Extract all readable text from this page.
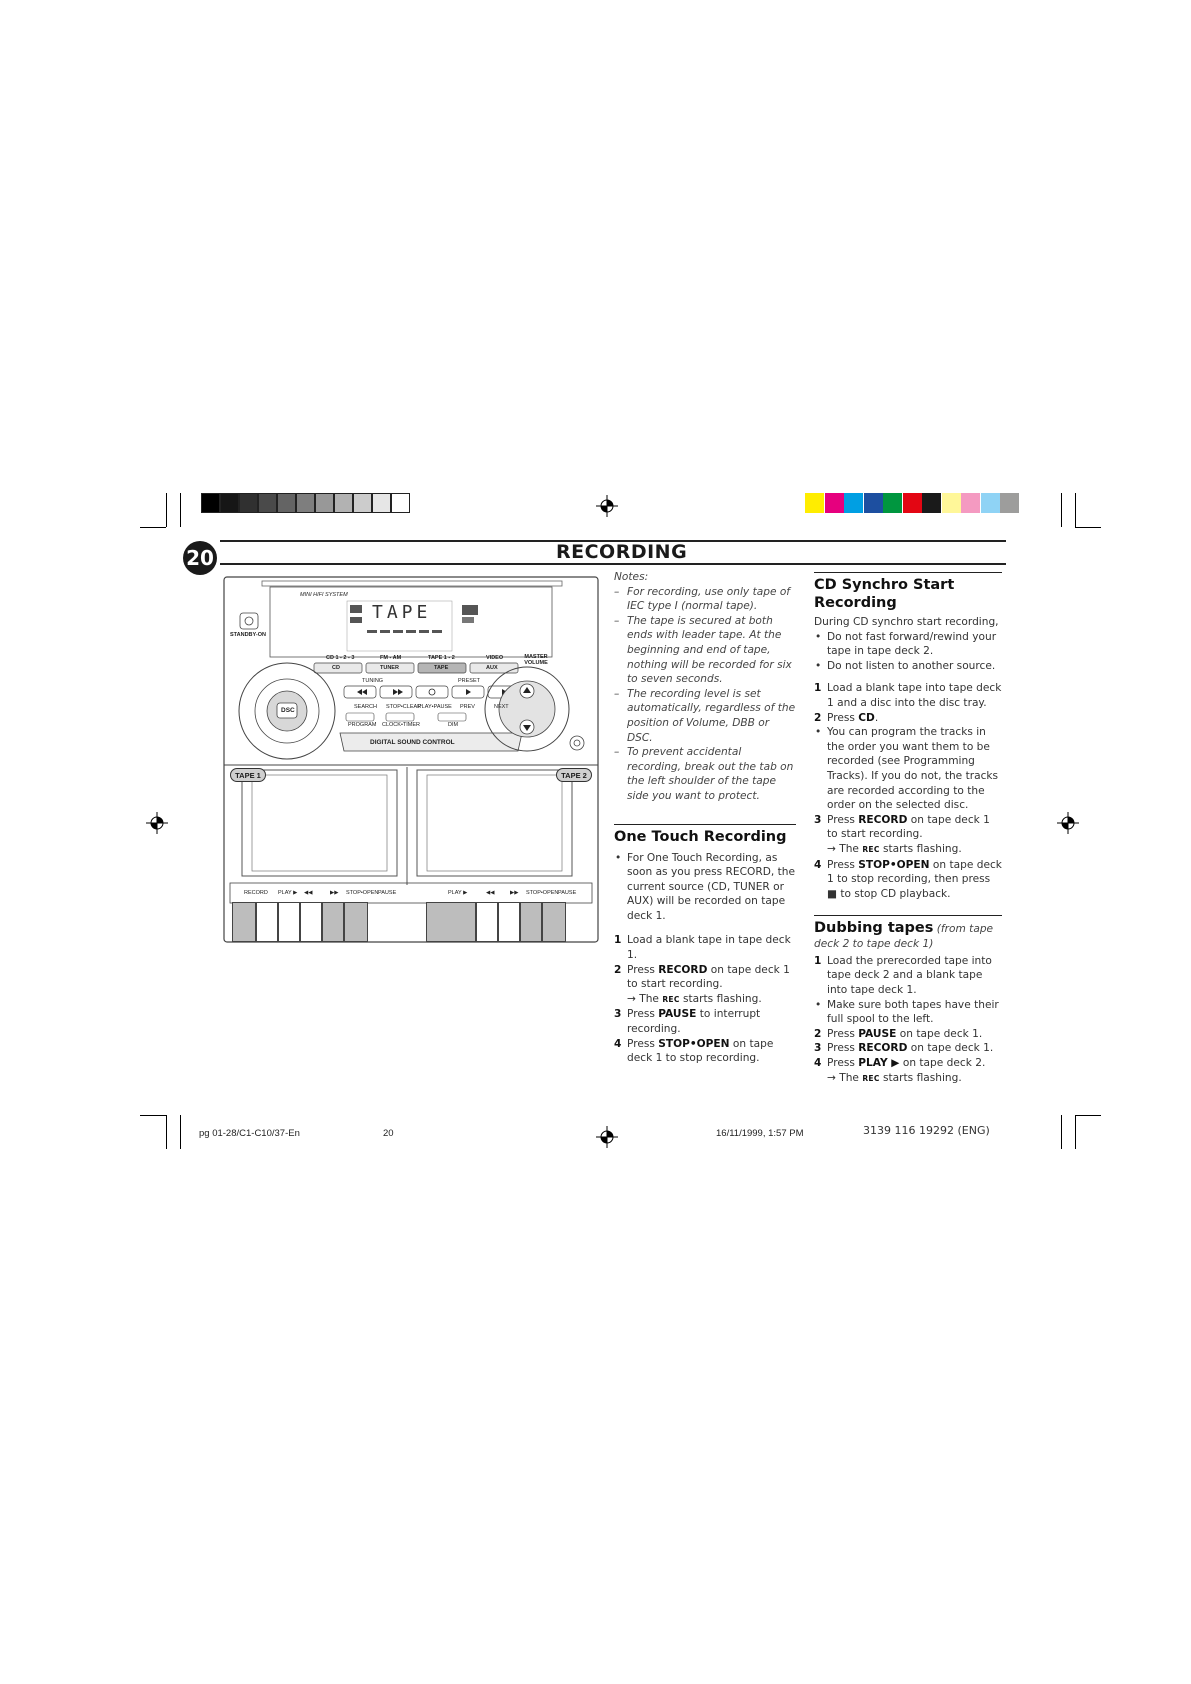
20	RECORDING
MINI HIFI SYSTEM
TAPE
STANDBY-ON
CD 1 - 2 - 3
CD
FM - AM
TUNER
TAPE 1 - 2
TAPE
VIDEO
AUX
MASTER VOLUME
TUNING	PRESET
SEARCH STOP•CLEAR
PLAY•PAUSE PREV	NEXT
PROGRAM CLOCK•TIMER	DIM
DSC
DIGITAL SOUND CONTROL
TAPE 1	TAPE 2
RECORD PLAY ▶ ◀◀	▶▶ STOP•OPEN PAUSE	PLAY ▶	◀◀	▶▶ STOP•OPEN PAUSE

Notes:

– For recording, use only tape of IEC type I (normal tape).

– The tape is secured at both ends with leader tape. At the beginning and end of tape, nothing will be recorded for six to seven seconds.

– The recording level is set automatically, regardless of the position of Volume, DBB or DSC.

– To prevent accidental recording, break out the tab on the left shoulder of the tape side you want to protect.

One Touch Recording

• For One Touch Recording, as soon as you press RECORD, the current source (CD, TUNER or AUX) will be recorded on tape deck 1.

1 Load a blank tape in tape deck 1.

2 Press RECORD on tape deck 1 to start recording.

→ The REC starts flashing.

3 Press PAUSE to interrupt recording.

4 Press STOP•OPEN on tape deck 1 to stop recording.

CD Synchro Start Recording

During CD synchro start recording,

• Do not fast forward/rewind your tape in tape deck 2.

• Do not listen to another source.

1 Load a blank tape into tape deck 1 and a disc into the disc tray.

2 Press CD.

• You can program the tracks in the order you want them to be recorded (see Programming Tracks). If you do not, the tracks are recorded according to the order on the selected disc.

3 Press RECORD on tape deck 1 to start recording.

→ The REC starts flashing.

4 Press STOP•OPEN on tape deck 1 to stop recording, then press ■ to stop CD playback.

Dubbing tapes (from tape deck 2 to tape deck 1)

1 Load the prerecorded tape into tape deck 2 and a blank tape into tape deck 1.

• Make sure both tapes have their full spool to the left.

2 Press PAUSE on tape deck 1.

3 Press RECORD on tape deck 1.

4 Press PLAY ▶ on tape deck 2.

→ The REC starts flashing.

pg 01-28/C1-C10/37-En	20	16/11/1999, 1:57 PM	3139 116 19292 (ENG)
